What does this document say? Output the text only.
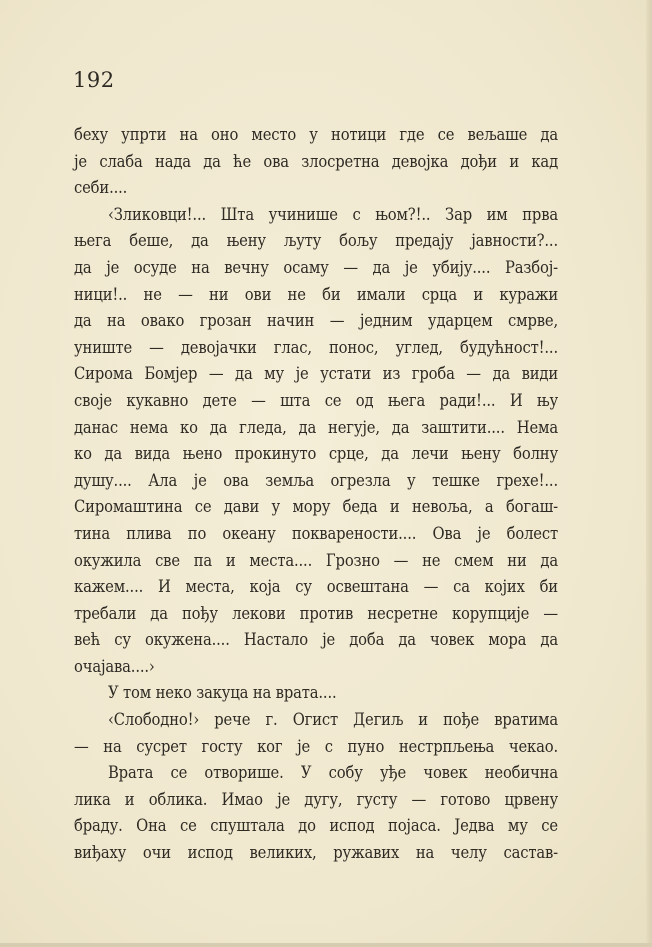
192
беху упрти на оно место у нотици где се вељаше да
је слаба нада да ће ова злосретна девојка дођи и кад
себи....
‹Зликовци!... Шта учинише с њом?!.. Зар им прва
њега беше, да њену љуту бољу предају јавности?...
да је осуде на вечну осаму — да је убију.... Разбој-
ници!.. не — ни ови не би имали срца и куражи
да на овако грозан начин — једним ударцем смрве,
униште — девојачки глас, понос, углед, будућност!...
Сирома Бомјер — да му је устати из гроба — да види
своје кукавно дете — шта се од њега ради!... И њу
данас нема ко да гледа, да негује, да заштити.... Нема
ко да вида њено прокинуто срце, да лечи њену болну
душу.... Ала је ова земља огрезла у тешке грехе!...
Сиромаштина се дави у мору беда и невоља, а богаш-
тина плива по океану покварености.... Ова је болест
окужила све па и места.... Грозно — не смем ни да
кажем.... И места, која су освештана — са којих би
требали да пођу лекови против несретне корупције —
већ су окужена.... Настало је доба да човек мора да
очајава....›
У том неко закуца на врата....
‹Слободно!› рече г. Огист Дегиљ и пође вратима
— на сусрет госту ког је с пуно нестрпљења чекао.
Врата се отворише. У собу уђе човек необична
лика и облика. Имао је дугу, густу — готово црвену
браду. Она се спуштала до испод појаса. Једва му се
виђаху очи испод великих, ружавих на челу састав-
